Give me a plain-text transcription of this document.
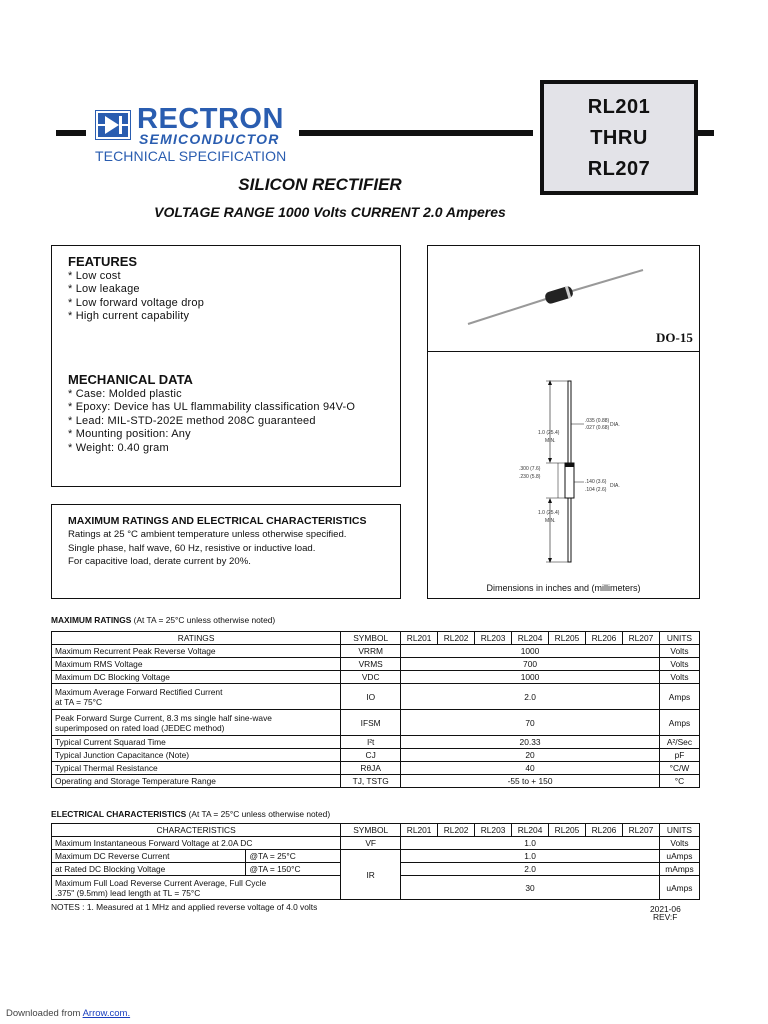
RECTRON
SEMICONDUCTOR
TECHNICAL SPECIFICATION
RL201
THRU
RL207
SILICON RECTIFIER
VOLTAGE RANGE 1000 Volts CURRENT 2.0 Amperes
FEATURES
* Low cost
* Low leakage
* Low forward voltage drop
* High current capability
MECHANICAL DATA
* Case: Molded plastic
* Epoxy: Device has UL flammability classification 94V-O
* Lead: MIL-STD-202E method 208C guaranteed
* Mounting position: Any
* Weight: 0.40 gram
MAXIMUM RATINGS AND ELECTRICAL CHARACTERISTICS
Ratings at 25 °C ambient temperature unless otherwise specified.
Single phase, half wave, 60 Hz, resistive or inductive load.
For capacitive load, derate current by 20%.
DO-15
1.0 (25.4)
MIN.
.035 (0.88)
.027 (0.68) DIA.
.300 (7.6)
.230 (5.8)
.140 (3.6)
.104 (2.6)
DIA.
1.0 (25.4)
MIN.
Dimensions in inches and (millimeters)
MAXIMUM RATINGS (At TA = 25°C unless otherwise noted)
RATINGS	SYMBOL	RL201	RL202	RL203	RL204	RL205	RL206	RL207	UNITS
Maximum Recurrent Peak Reverse Voltage	VRRM	1000							Volts
Maximum RMS Voltage	VRMS	700							Volts
Maximum DC Blocking Voltage	VDC	1000							Volts

Maximum Average Forward Rectified Current
at TA = 75°C	IO	2.0							Amps

Peak Forward Surge Current, 8.3 ms single half sine-wave
superimposed on rated load (JEDEC method)	IFSM	70							Amps
Typical Current Squarad Time	I²t	20.33							A²/Sec
Typical Junction Capacitance (Note)	CJ	20							pF
Typical Thermal Resistance	RθJA	40							°C/W
Operating and Storage Temperature Range	TJ, TSTG	-55 to + 150							°C
ELECTRICAL CHARACTERISTICS (At TA = 25°C unless otherwise noted)
CHARACTERISTICS		SYMBOL	RL201	RL202	RL203	RL204	RL205	RL206	RL207	UNITS
Maximum Instantaneous Forward Voltage at 2.0A DC		VF	1.0							Volts
Maximum DC Reverse Current	@TA = 25°C	IR	1.0							uAmps
at Rated DC Blocking Voltage	@TA = 150°C		2.0							mAmps

Maximum Full Load Reverse Current Average, Full Cycle
.375" (9.5mm) lead length at TL = 75°C			30							uAmps
NOTES : 1. Measured at 1 MHz and applied reverse voltage of 4.0 volts	2021-06
REV:F
Downloaded from Arrow.com.
